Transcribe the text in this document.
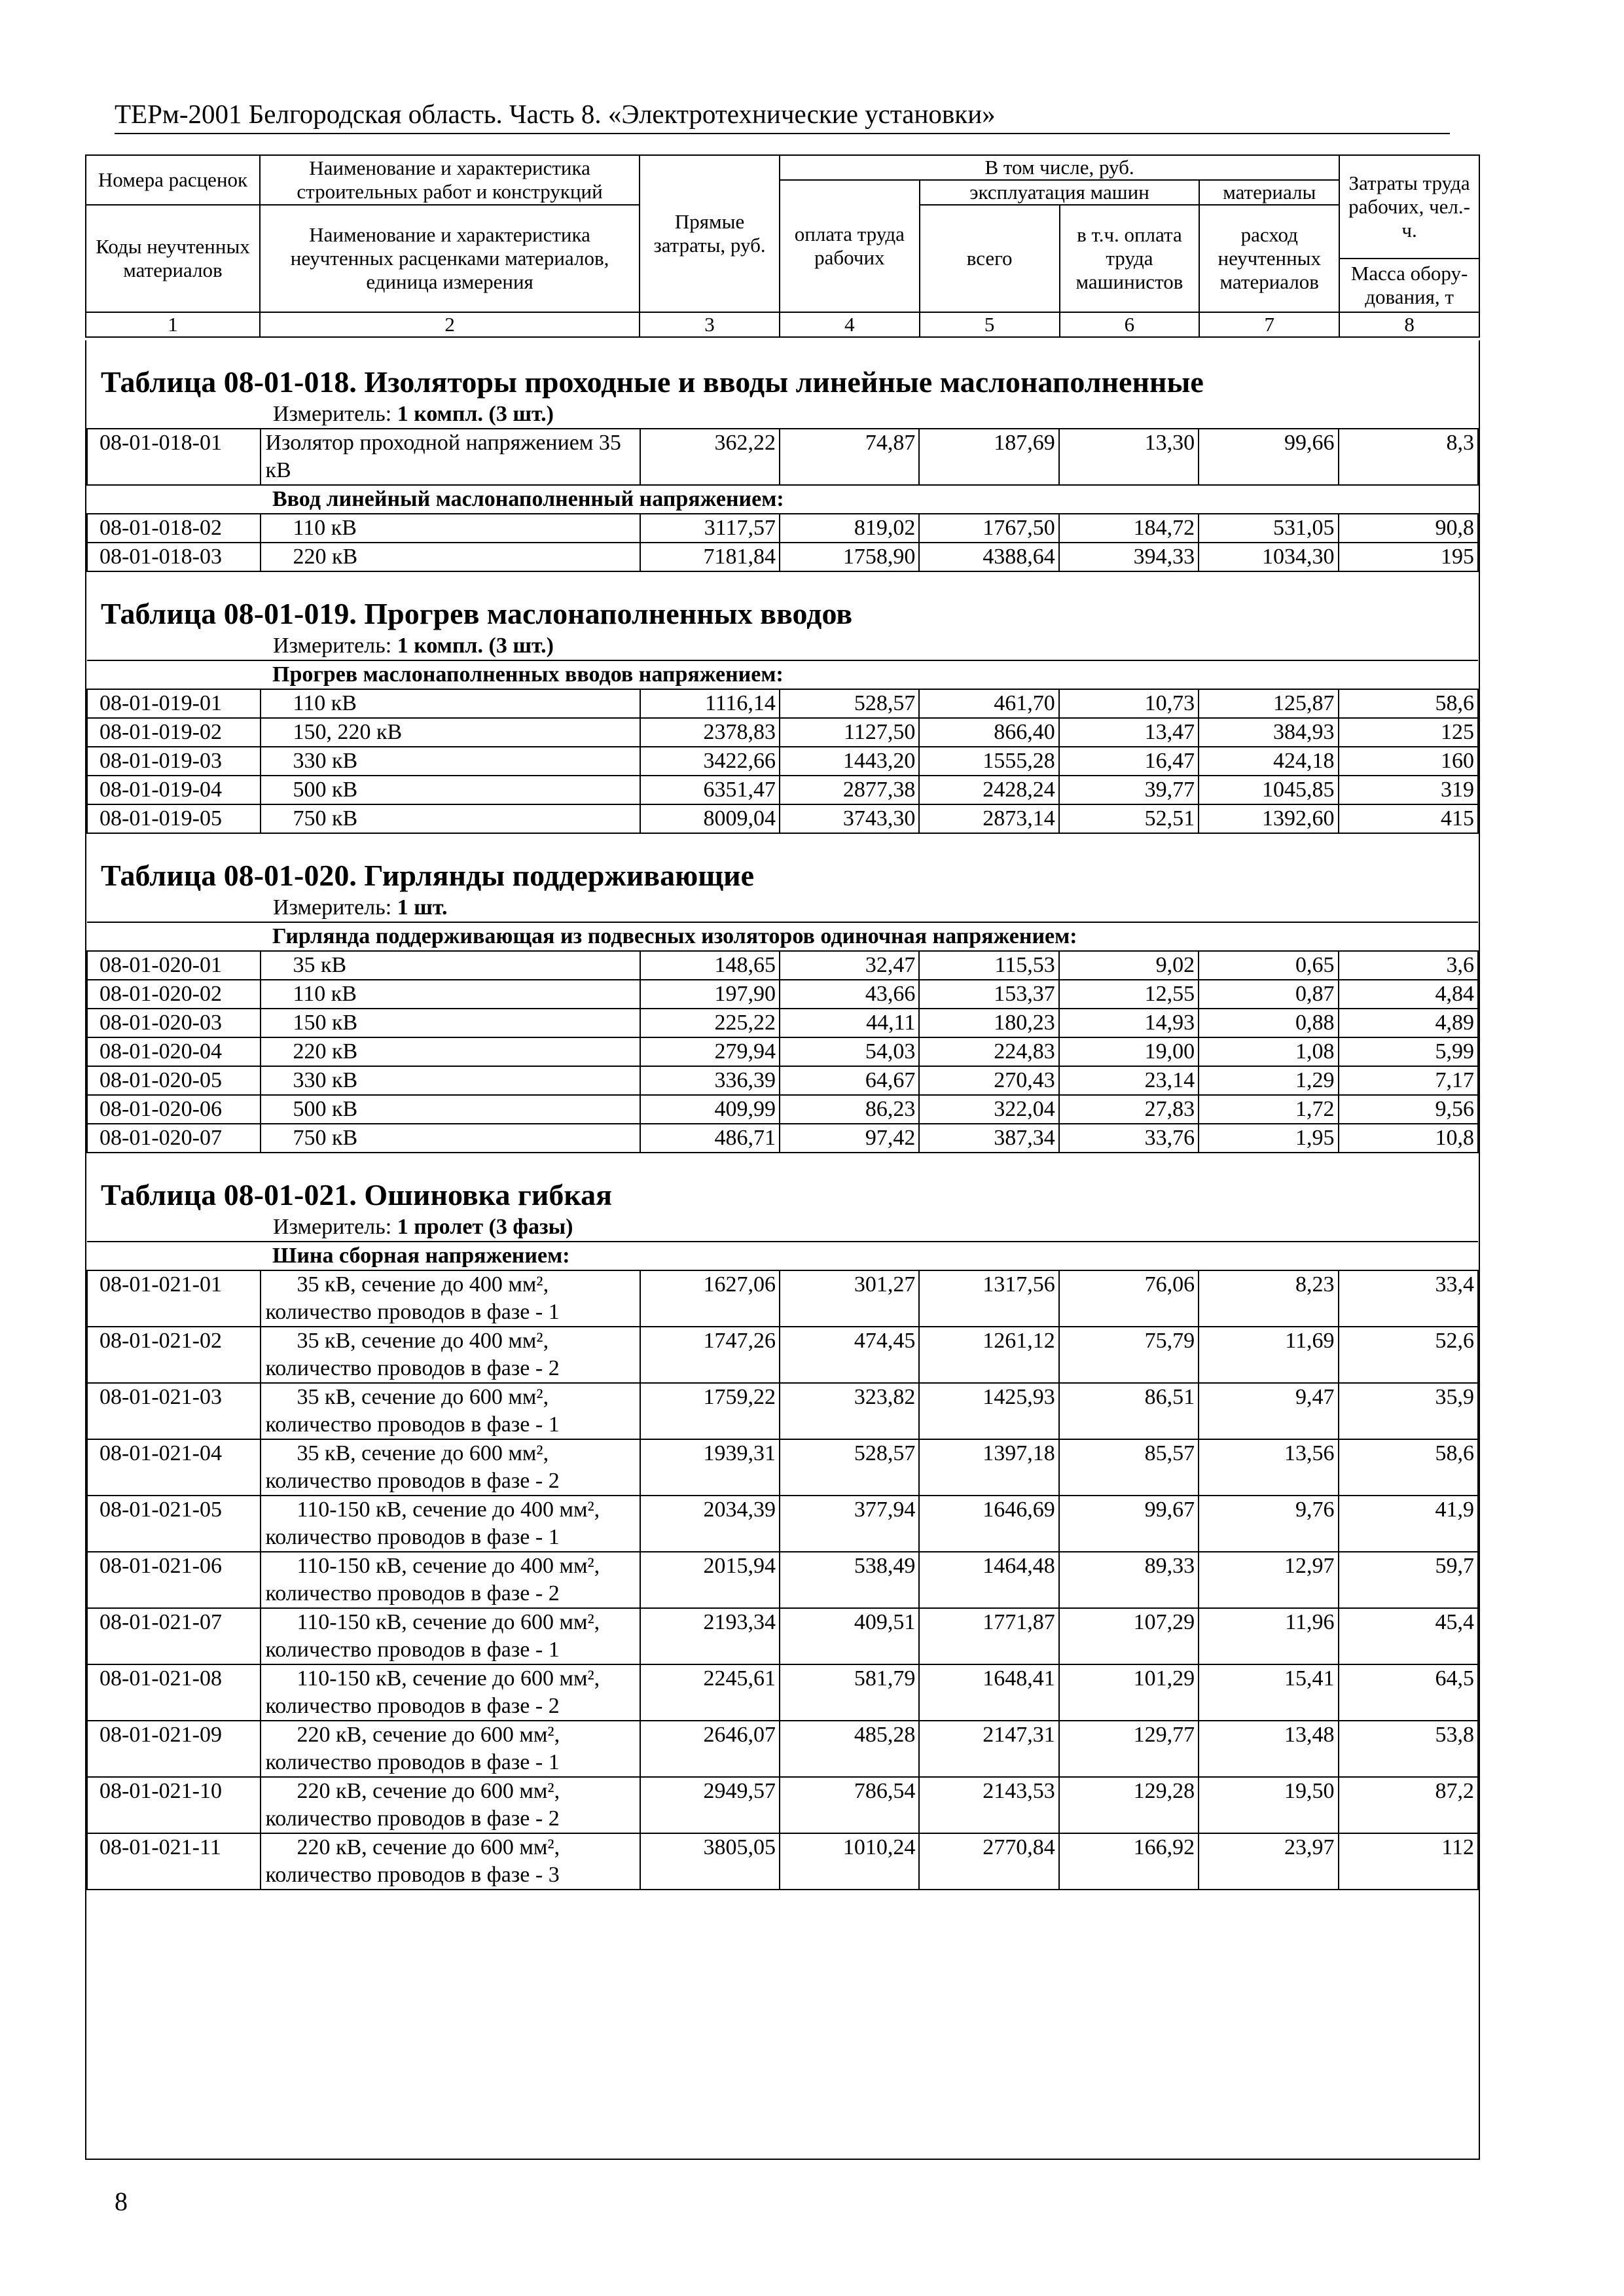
ТЕРм-2001 Белгородская область. Часть 8. «Электротехнические установки»
Номера расценок	Наименование и характеристика строительных работ и конструкций	Прямые затраты, руб.	В том числе, руб.				Затраты труда рабочих, чел.-ч.
			оплата труда рабочих	эксплуатация машин		материалы	
Коды неучтенных материалов	Наименование и характеристика неучтенных расценками материалов, единица измерения			всего	в т.ч. оплата труда машинистов	расход неучтенных материалов	
							Масса обору-дования, т
1	2	3	4	5	6	7	8
Таблица 08-01-018. Изоляторы проходные и вводы линейные маслонаполненные
Измеритель: 1 компл. (3 шт.)
08-01-018-01	Изолятор проходной напряжением 35 кВ	362,22	74,87	187,69	13,30	99,66	8,3
Ввод линейный маслонаполненный напряжением:							
08-01-018-02	110 кВ	3117,57	819,02	1767,50	184,72	531,05	90,8
08-01-018-03	220 кВ	7181,84	1758,90	4388,64	394,33	1034,30	195
Таблица 08-01-019. Прогрев маслонаполненных вводов
Измеритель: 1 компл. (3 шт.)
Прогрев маслонаполненных вводов напряжением:							
08-01-019-01	110 кВ	1116,14	528,57	461,70	10,73	125,87	58,6
08-01-019-02	150, 220 кВ	2378,83	1127,50	866,40	13,47	384,93	125
08-01-019-03	330 кВ	3422,66	1443,20	1555,28	16,47	424,18	160
08-01-019-04	500 кВ	6351,47	2877,38	2428,24	39,77	1045,85	319
08-01-019-05	750 кВ	8009,04	3743,30	2873,14	52,51	1392,60	415
Таблица 08-01-020. Гирлянды поддерживающие
Измеритель: 1 шт.
Гирлянда поддерживающая из подвесных изоляторов одиночная напряжением:							
08-01-020-01	35 кВ	148,65	32,47	115,53	9,02	0,65	3,6
08-01-020-02	110 кВ	197,90	43,66	153,37	12,55	0,87	4,84
08-01-020-03	150 кВ	225,22	44,11	180,23	14,93	0,88	4,89
08-01-020-04	220 кВ	279,94	54,03	224,83	19,00	1,08	5,99
08-01-020-05	330 кВ	336,39	64,67	270,43	23,14	1,29	7,17
08-01-020-06	500 кВ	409,99	86,23	322,04	27,83	1,72	9,56
08-01-020-07	750 кВ	486,71	97,42	387,34	33,76	1,95	10,8
Таблица 08-01-021. Ошиновка гибкая
Измеритель: 1 пролет (3 фазы)
Шина сборная напряжением:							
08-01-021-01	35 кВ, сечение до 400 мм², количество проводов в фазе - 1	1627,06	301,27	1317,56	76,06	8,23	33,4
08-01-021-02	35 кВ, сечение до 400 мм², количество проводов в фазе - 2	1747,26	474,45	1261,12	75,79	11,69	52,6
08-01-021-03	35 кВ, сечение до 600 мм², количество проводов в фазе - 1	1759,22	323,82	1425,93	86,51	9,47	35,9
08-01-021-04	35 кВ, сечение до 600 мм², количество проводов в фазе - 2	1939,31	528,57	1397,18	85,57	13,56	58,6
08-01-021-05	110-150 кВ, сечение до 400 мм², количество проводов в фазе - 1	2034,39	377,94	1646,69	99,67	9,76	41,9
08-01-021-06	110-150 кВ, сечение до 400 мм², количество проводов в фазе - 2	2015,94	538,49	1464,48	89,33	12,97	59,7
08-01-021-07	110-150 кВ, сечение до 600 мм², количество проводов в фазе - 1	2193,34	409,51	1771,87	107,29	11,96	45,4
08-01-021-08	110-150 кВ, сечение до 600 мм², количество проводов в фазе - 2	2245,61	581,79	1648,41	101,29	15,41	64,5
08-01-021-09	220 кВ, сечение до 600 мм², количество проводов в фазе - 1	2646,07	485,28	2147,31	129,77	13,48	53,8
08-01-021-10	220 кВ, сечение до 600 мм², количество проводов в фазе - 2	2949,57	786,54	2143,53	129,28	19,50	87,2
08-01-021-11	220 кВ, сечение до 600 мм², количество проводов в фазе - 3	3805,05	1010,24	2770,84	166,92	23,97	112
8
